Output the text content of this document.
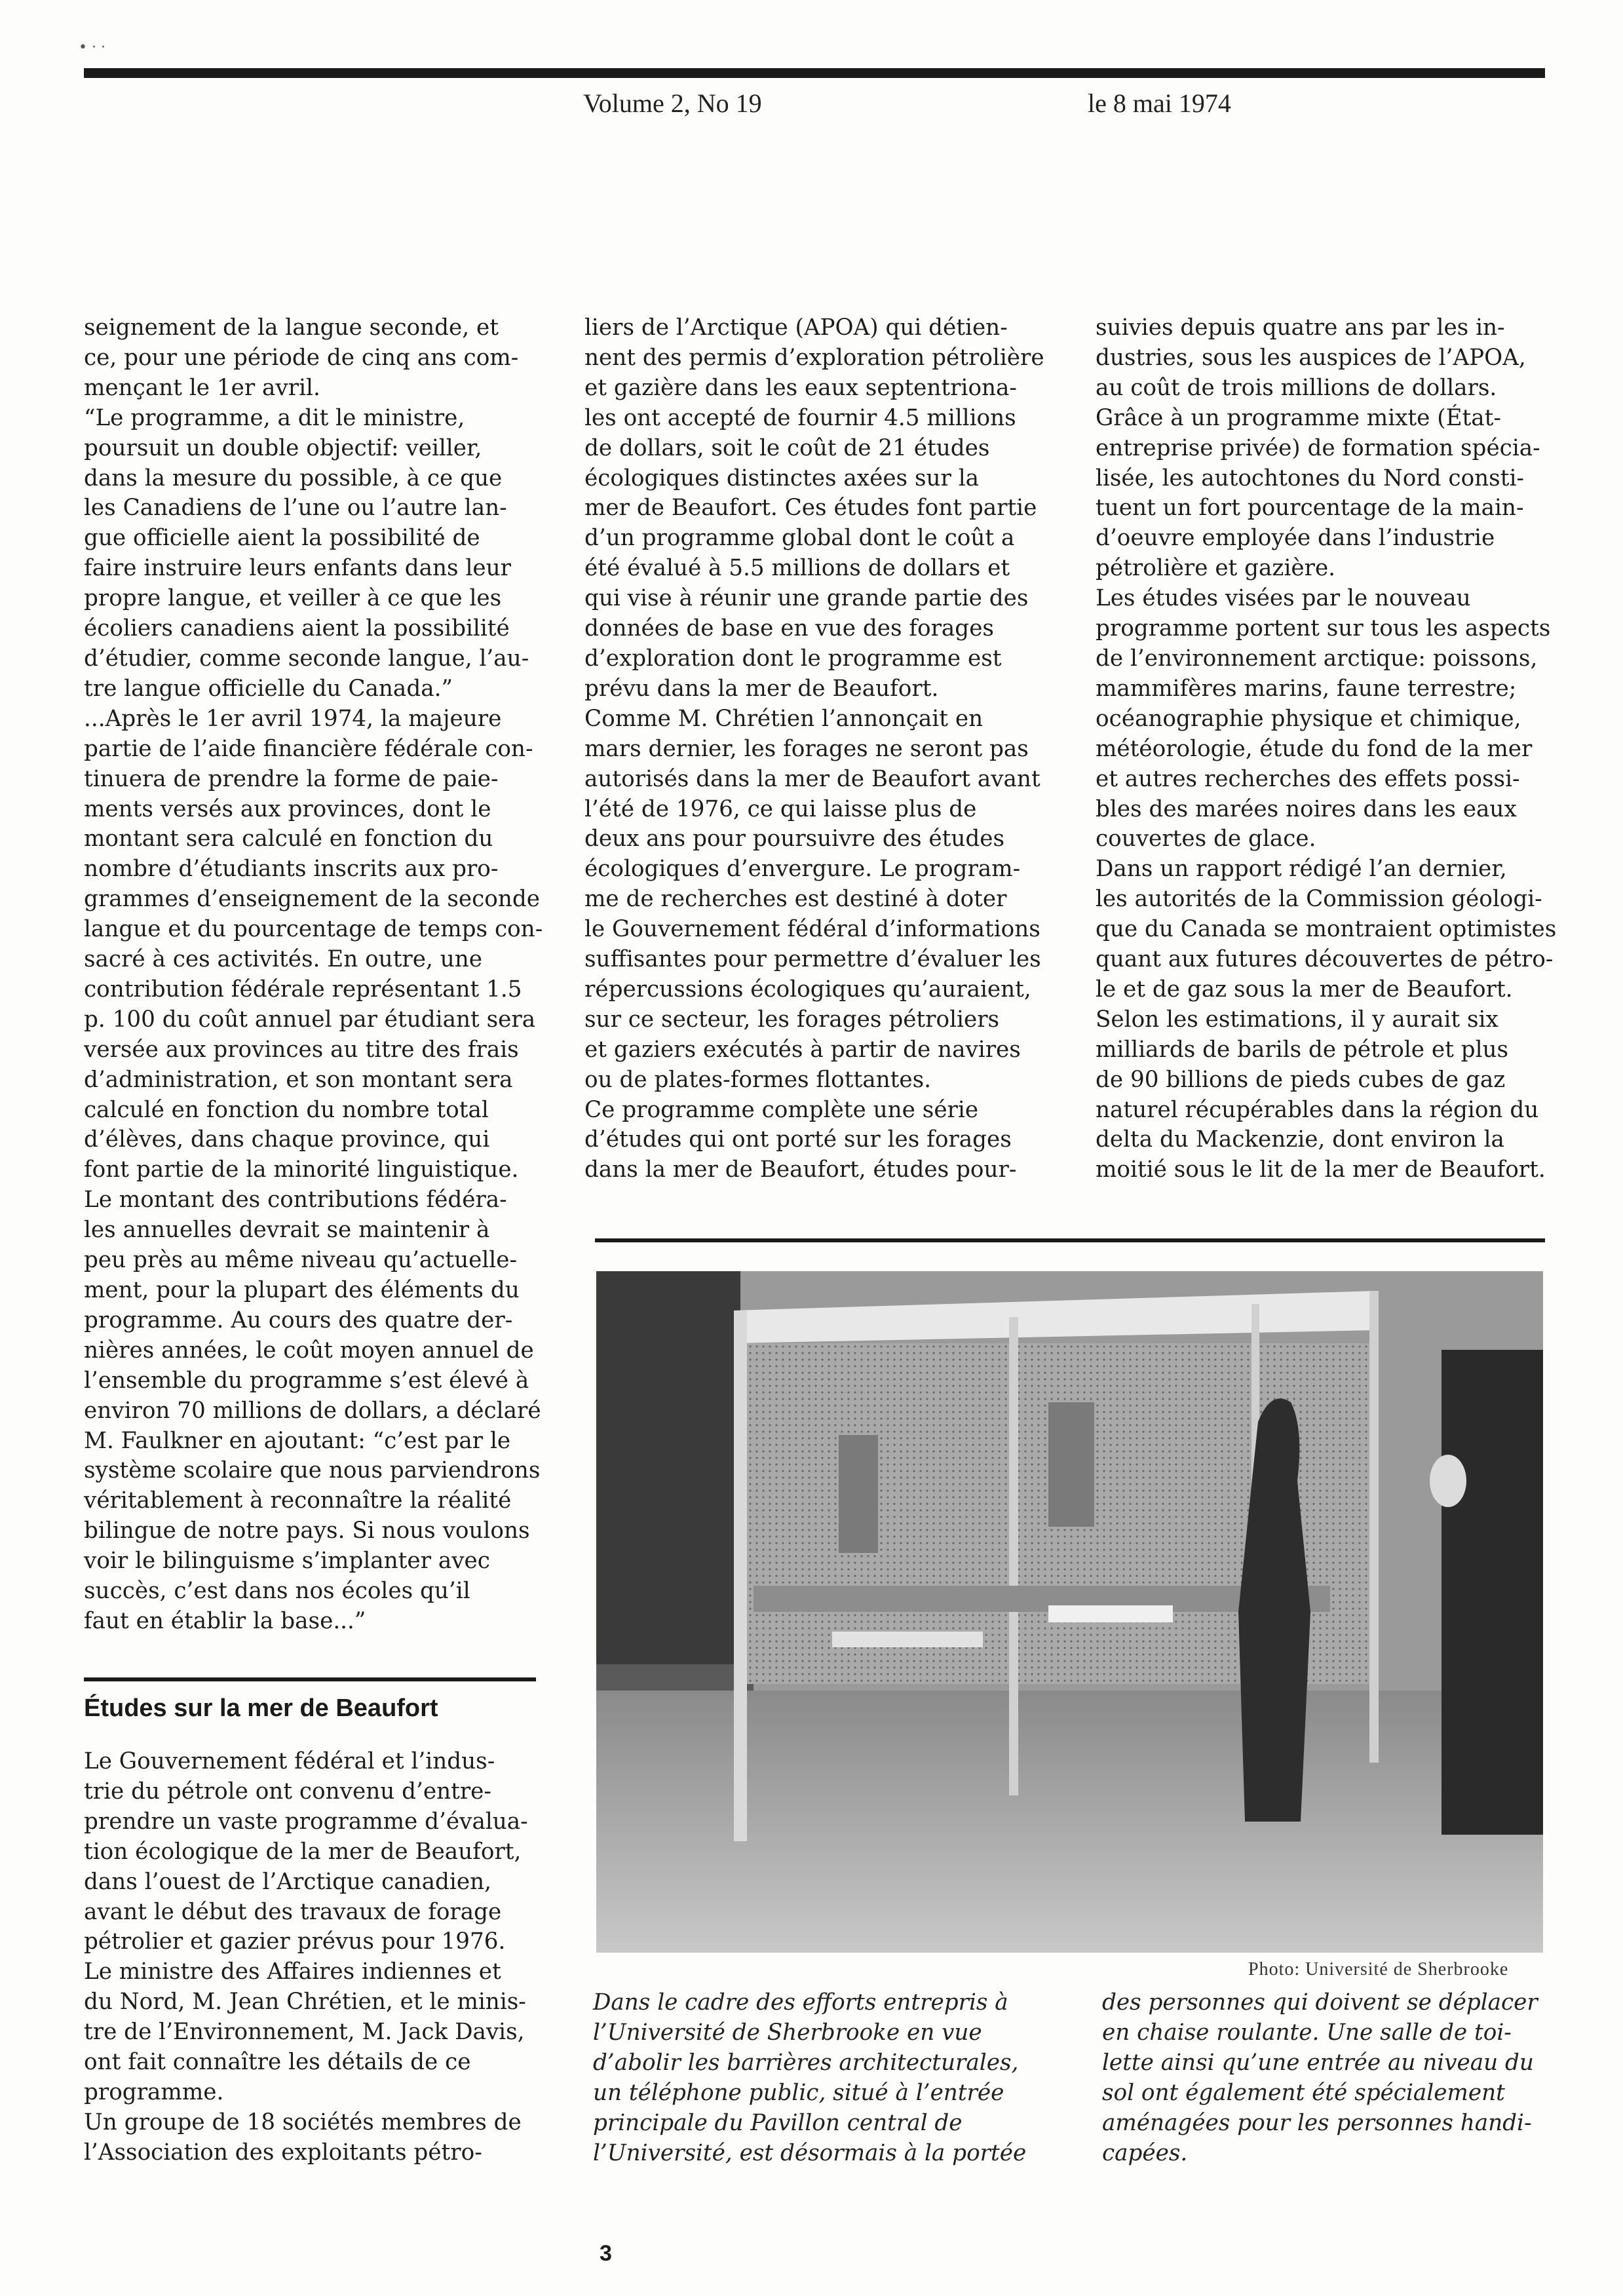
• · ·
Volume 2, No 19	le 8 mai 1974
seignement de la langue seconde, et
ce, pour une période de cinq ans com-
mençant le 1er avril.
“Le programme, a dit le ministre,
poursuit un double objectif: veiller,
dans la mesure du possible, à ce que
les Canadiens de l’une ou l’autre lan-
gue officielle aient la possibilité de
faire instruire leurs enfants dans leur
propre langue, et veiller à ce que les
écoliers canadiens aient la possibilité
d’étudier, comme seconde langue, l’au-
tre langue officielle du Canada.”
...Après le 1er avril 1974, la majeure
partie de l’aide financière fédérale con-
tinuera de prendre la forme de paie-
ments versés aux provinces, dont le
montant sera calculé en fonction du
nombre d’étudiants inscrits aux pro-
grammes d’enseignement de la seconde
langue et du pourcentage de temps con-
sacré à ces activités. En outre, une
contribution fédérale représentant 1.5
p. 100 du coût annuel par étudiant sera
versée aux provinces au titre des frais
d’administration, et son montant sera
calculé en fonction du nombre total
d’élèves, dans chaque province, qui
font partie de la minorité linguistique.
Le montant des contributions fédéra-
les annuelles devrait se maintenir à
peu près au même niveau qu’actuelle-
ment, pour la plupart des éléments du
programme. Au cours des quatre der-
nières années, le coût moyen annuel de
l’ensemble du programme s’est élevé à
environ 70 millions de dollars, a déclaré
M. Faulkner en ajoutant: “c’est par le
système scolaire que nous parviendrons
véritablement à reconnaître la réalité
bilingue de notre pays. Si nous voulons
voir le bilinguisme s’implanter avec
succès, c’est dans nos écoles qu’il
faut en établir la base...”
Études sur la mer de Beaufort
Le Gouvernement fédéral et l’indus-
trie du pétrole ont convenu d’entre-
prendre un vaste programme d’évalua-
tion écologique de la mer de Beaufort,
dans l’ouest de l’Arctique canadien,
avant le début des travaux de forage
pétrolier et gazier prévus pour 1976.
Le ministre des Affaires indiennes et
du Nord, M. Jean Chrétien, et le minis-
tre de l’Environnement, M. Jack Davis,
ont fait connaître les détails de ce
programme.
Un groupe de 18 sociétés membres de
l’Association des exploitants pétro-
liers de l’Arctique (APOA) qui détien-
nent des permis d’exploration pétrolière
et gazière dans les eaux septentriona-
les ont accepté de fournir 4.5 millions
de dollars, soit le coût de 21 études
écologiques distinctes axées sur la
mer de Beaufort. Ces études font partie
d’un programme global dont le coût a
été évalué à 5.5 millions de dollars et
qui vise à réunir une grande partie des
données de base en vue des forages
d’exploration dont le programme est
prévu dans la mer de Beaufort.
Comme M. Chrétien l’annonçait en
mars dernier, les forages ne seront pas
autorisés dans la mer de Beaufort avant
l’été de 1976, ce qui laisse plus de
deux ans pour poursuivre des études
écologiques d’envergure. Le program-
me de recherches est destiné à doter
le Gouvernement fédéral d’informations
suffisantes pour permettre d’évaluer les
répercussions écologiques qu’auraient,
sur ce secteur, les forages pétroliers
et gaziers exécutés à partir de navires
ou de plates-formes flottantes.
Ce programme complète une série
d’études qui ont porté sur les forages
dans la mer de Beaufort, études pour-
suivies depuis quatre ans par les in-
dustries, sous les auspices de l’APOA,
au coût de trois millions de dollars.
Grâce à un programme mixte (État-
entreprise privée) de formation spécia-
lisée, les autochtones du Nord consti-
tuent un fort pourcentage de la main-
d’oeuvre employée dans l’industrie
pétrolière et gazière.
Les études visées par le nouveau
programme portent sur tous les aspects
de l’environnement arctique: poissons,
mammifères marins, faune terrestre;
océanographie physique et chimique,
météorologie, étude du fond de la mer
et autres recherches des effets possi-
bles des marées noires dans les eaux
couvertes de glace.
Dans un rapport rédigé l’an dernier,
les autorités de la Commission géologi-
que du Canada se montraient optimistes
quant aux futures découvertes de pétro-
le et de gaz sous la mer de Beaufort.
Selon les estimations, il y aurait six
milliards de barils de pétrole et plus
de 90 billions de pieds cubes de gaz
naturel récupérables dans la région du
delta du Mackenzie, dont environ la
moitié sous le lit de la mer de Beaufort.
Photo: Université de Sherbrooke
Dans le cadre des efforts entrepris à
l’Université de Sherbrooke en vue
d’abolir les barrières architecturales,
un téléphone public, situé à l’entrée
principale du Pavillon central de
l’Université, est désormais à la portée
des personnes qui doivent se déplacer
en chaise roulante. Une salle de toi-
lette ainsi qu’une entrée au niveau du
sol ont également été spécialement
aménagées pour les personnes handi-
capées.
3
